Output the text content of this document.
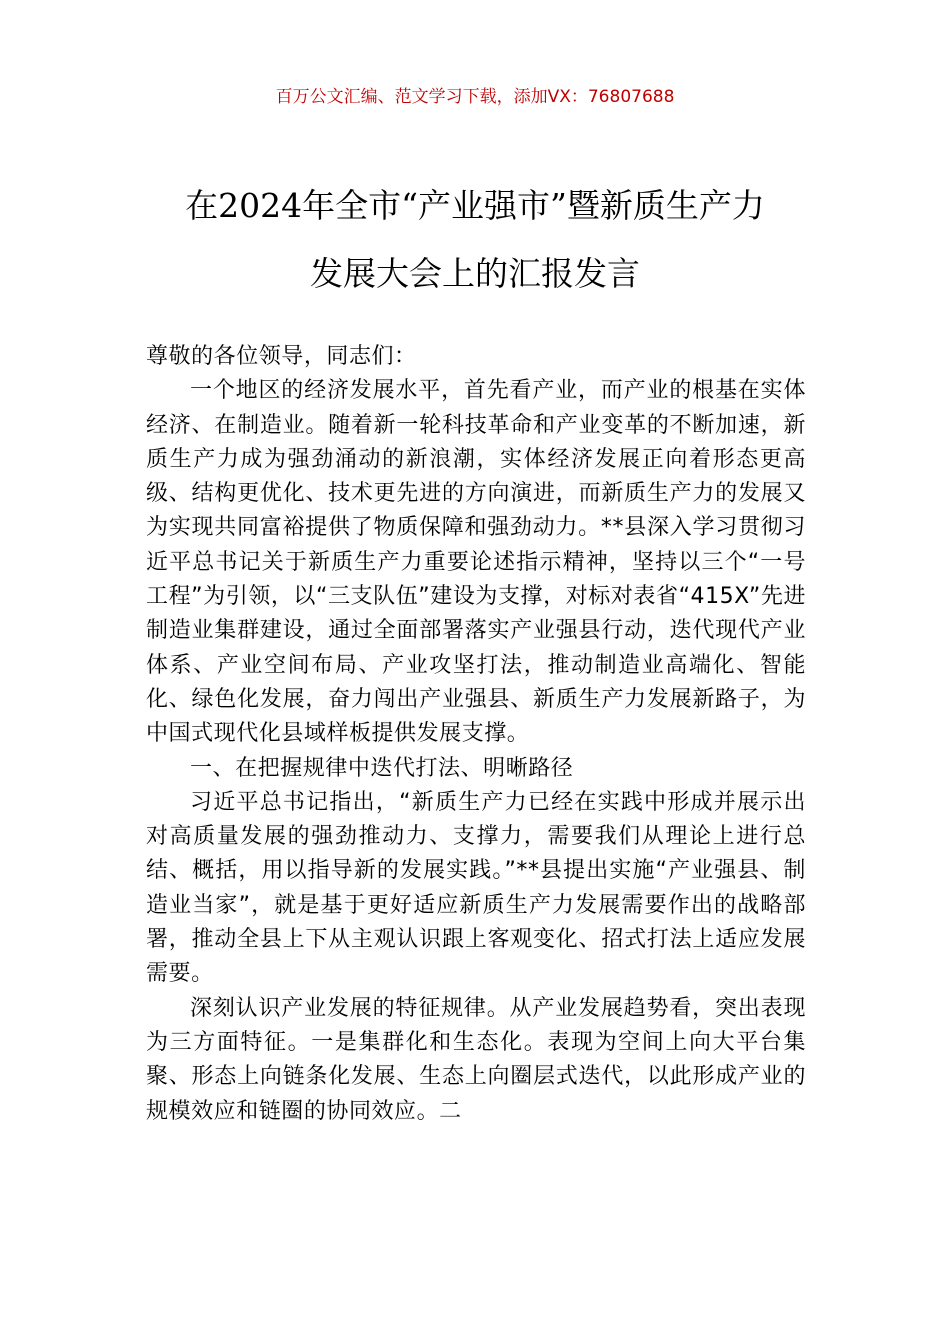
百万公文汇编、范文学习下载，添加VX：76807688
在2024年全市“产业强市”暨新质生产力
发展大会上的汇报发言

尊敬的各位领导，同志们：

一个地区的经济发展水平，首先看产业，而产业的根基在实体经济、在制造业。随着新一轮科技革命和产业变革的不断加速，新质生产力成为强劲涌动的新浪潮，实体经济发展正向着形态更高级、结构更优化、技术更先进的方向演进，而新质生产力的发展又为实现共同富裕提供了物质保障和强劲动力。**县深入学习贯彻习近平总书记关于新质生产力重要论述指示精神，坚持以三个“一号工程”为引领，以“三支队伍”建设为支撑，对标对表省“415X”先进制造业集群建设，通过全面部署落实产业强县行动，迭代现代产业体系、产业空间布局、产业攻坚打法，推动制造业高端化、智能化、绿色化发展，奋力闯出产业强县、新质生产力发展新路子，为中国式现代化县域样板提供发展支撑。

一、在把握规律中迭代打法、明晰路径

习近平总书记指出，“新质生产力已经在实践中形成并展示出对高质量发展的强劲推动力、支撑力，需要我们从理论上进行总结、概括，用以指导新的发展实践。”**县提出实施“产业强县、制造业当家”，就是基于更好适应新质生产力发展需要作出的战略部署，推动全县上下从主观认识跟上客观变化、招式打法上适应发展需要。

深刻认识产业发展的特征规律。从产业发展趋势看，突出表现为三方面特征。一是集群化和生态化。表现为空间上向大平台集聚、形态上向链条化发展、生态上向圈层式迭代，以此形成产业的规模效应和链圈的协同效应。二
